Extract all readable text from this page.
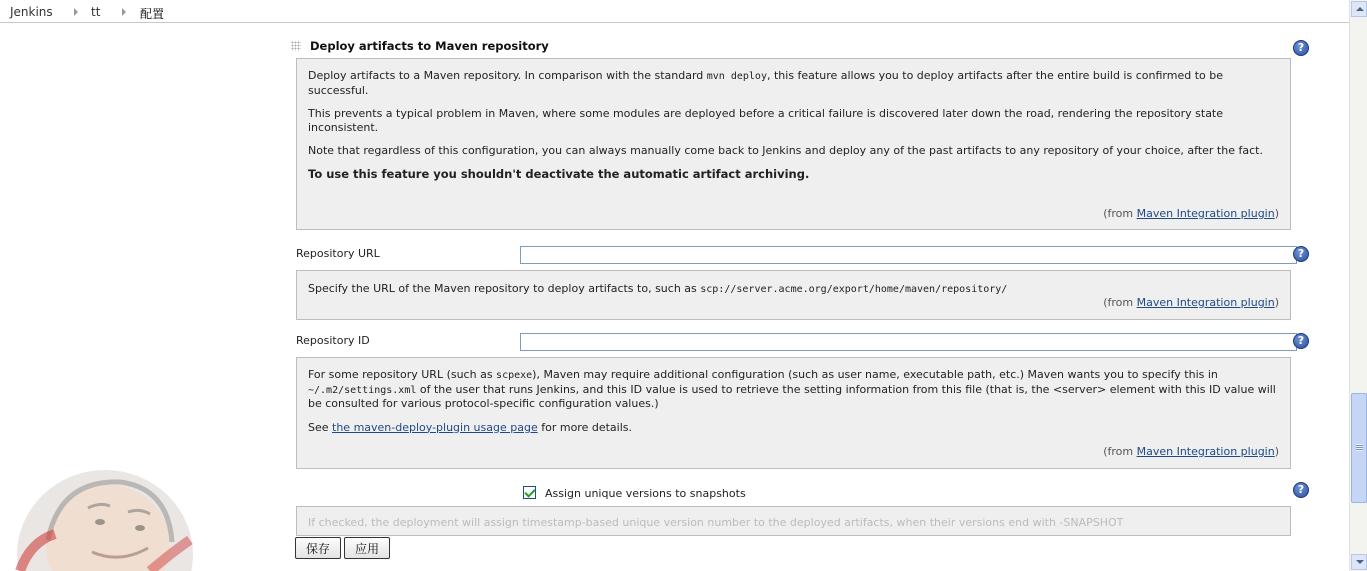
Jenkins	tt	配置
Deploy artifacts to Maven repository	?

Deploy artifacts to a Maven repository. In comparison with the standard mvn deploy, this feature allows you to deploy artifacts after the entire build is confirmed to be successful.

This prevents a typical problem in Maven, where some modules are deployed before a critical failure is discovered later down the road, rendering the repository state inconsistent.

Note that regardless of this configuration, you can always manually come back to Jenkins and deploy any of the past artifacts to any repository of your choice, after the fact.

To use this feature you shouldn't deactivate the automatic artifact archiving.

(from Maven Integration plugin)
Repository URL	?

Specify the URL of the Maven repository to deploy artifacts to, such as scp://server.acme.org/export/home/maven/repository/

(from Maven Integration plugin)
Repository ID	?

For some repository URL (such as scpexe), Maven may require additional configuration (such as user name, executable path, etc.) Maven wants you to specify this in ~/.m2/settings.xml of the user that runs Jenkins, and this ID value is used to retrieve the setting information from this file (that is, the <server> element with this ID value will be consulted for various protocol-specific configuration values.)

See the maven-deploy-plugin usage page for more details.

(from Maven Integration plugin)
Assign unique versions to snapshots	?

If checked, the deployment will assign timestamp-based unique version number to the deployed artifacts, when their versions end with -SNAPSHOT

保存	应用
